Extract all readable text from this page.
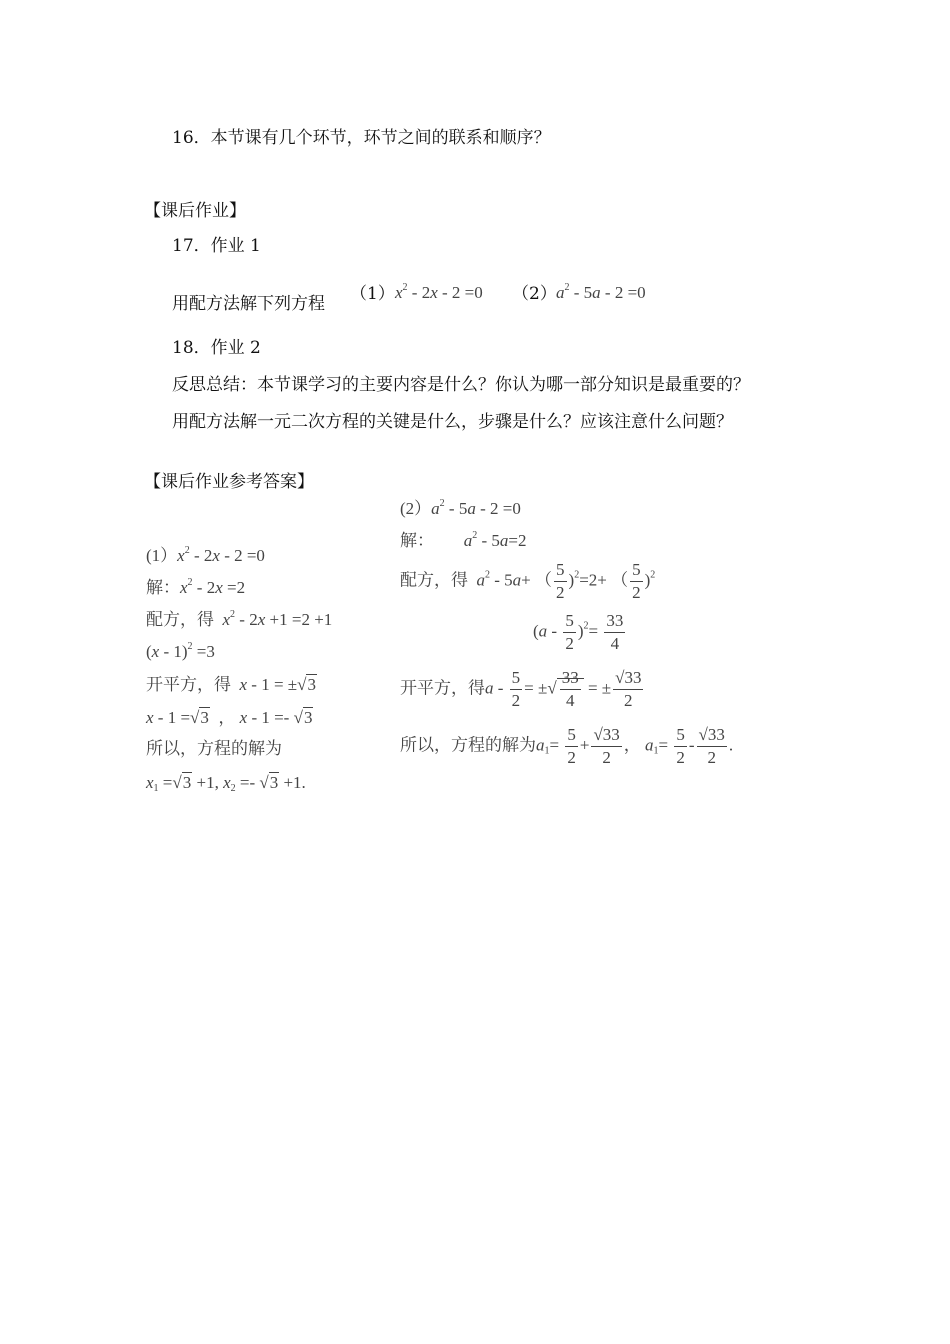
16．本节课有几个环节，环节之间的联系和顺序？
【课后作业】
17．作业 1
用配方法解下列方程 （1） $x^2 - 2x - 2 =0$ （2） $a^2 - 5a - 2 =0$
18．作业 2
反思总结：本节课学习的主要内容是什么？你认为哪一部分知识是最重要的？
用配方法解一元二次方程的关键是什么，步骤是什么？应该注意什么问题？
【课后作业参考答案】
$(1)x^2 - 2x - 2 =0$
解：$x^2 - 2x =2$
配方，得 $x^2 - 2x +1 =2 +1$
(x - 1)$^2$ =3
开平方，得 x - 1 = ±√3
x - 1 =√3  ， x - 1 =- √3
所以，方程的解为
$x_1 =√3 +1$, $x_2 =- √3 +1$.
$(2)a^2 - 5a - 2 =0$
解： $a^2 - 5a=2$
配方，得 $a^2 - 5a+$ （ $\frac{5}{2} )^2=2+$ （ $\frac{5}{2} )^2$
$(a - \frac{5}{2} )^2= \frac{33}{4}$
开平方，得a - $\frac{5}{2}$ = ±√ $\frac{33}{4}$ = ± $\frac{√33}{2}$
所以，方程的解为$a_1= \frac{5}{2} + \frac{√33}{2}$ ， $a_1= \frac{5}{2} - \frac{√33}{2}$ .
